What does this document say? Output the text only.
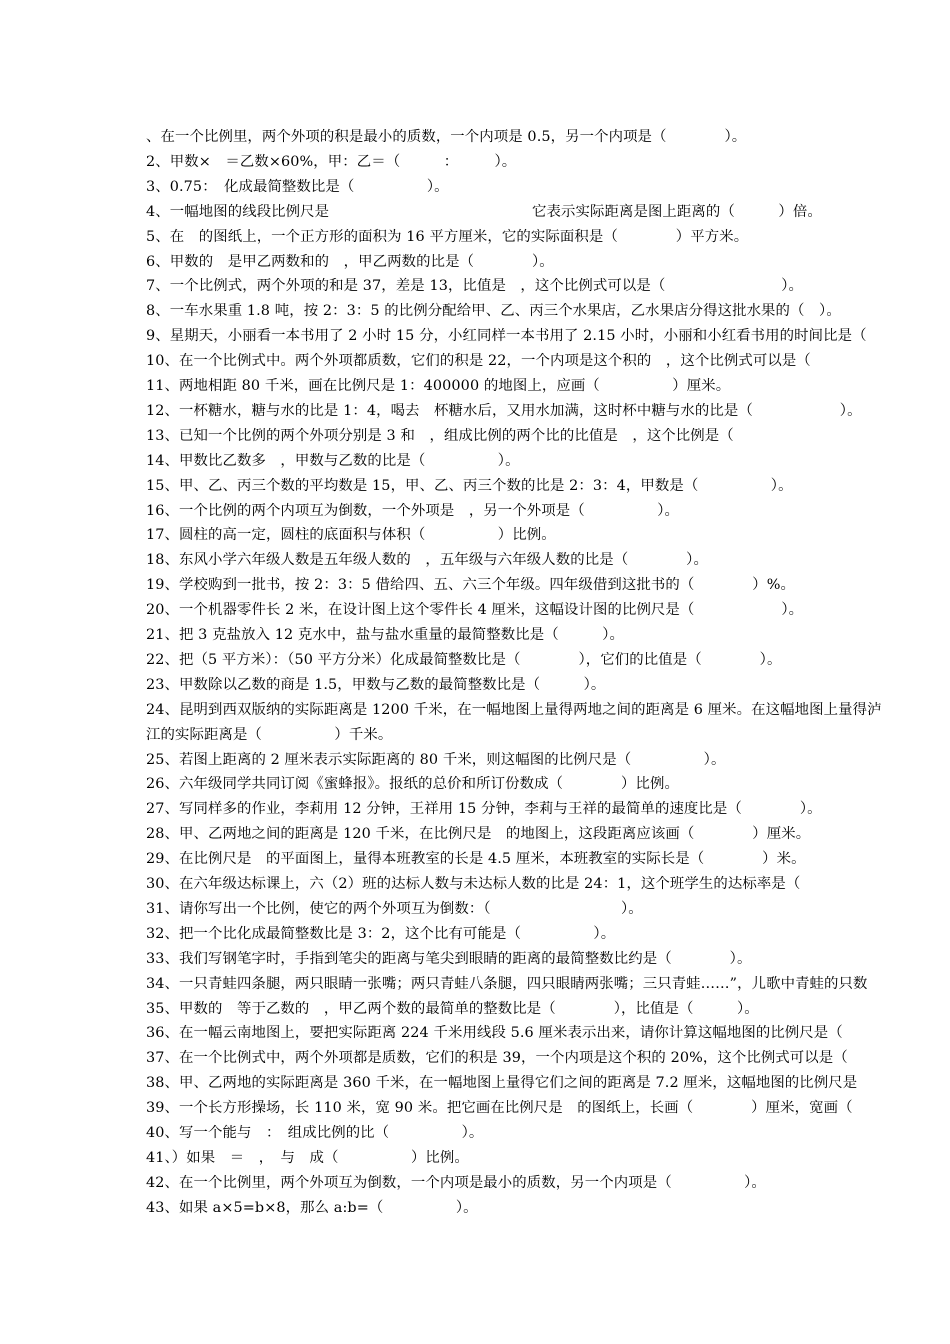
、在一个比例里，两个外项的积是最小的质数，一个内项是 0.5，另一个内项是（　　　　）。
2、甲数×　＝乙数×60%，甲：乙＝（　　　：　　　）。
3、0.75：　化成最简整数比是（　　　　　）。
4、一幅地图的线段比例尺是　　　　　　　　　　　　　　它表示实际距离是图上距离的（　　　）倍。
5、在　的图纸上，一个正方形的面积为 16 平方厘米，它的实际面积是（　　　　）平方米。
6、甲数的　是甲乙两数和的　，甲乙两数的比是（　　　　）。
7、一个比例式，两个外项的和是 37，差是 13，比值是　，这个比例式可以是（　　　　　　　　）。
8、一车水果重 1.8 吨，按 2：3：5 的比例分配给甲、乙、丙三个水果店，乙水果店分得这批水果的（　）。
9、星期天，小丽看一本书用了 2 小时 15 分，小红同样一本书用了 2.15 小时，小丽和小红看书用的时间比是（
10、在一个比例式中。两个外项都质数，它们的积是 22，一个内项是这个积的　，这个比例式可以是（
11、两地相距 80 千米，画在比例尺是 1：400000 的地图上，应画（　　　　　）厘米。
12、一杯糖水，糖与水的比是 1：4，喝去　杯糖水后，又用水加满，这时杯中糖与水的比是（　　　　　　）。
13、已知一个比例的两个外项分别是 3 和　，组成比例的两个比的比值是　，这个比例是（　　　　　　　　
14、甲数比乙数多　，甲数与乙数的比是（　　　　　）。
15、甲、乙、丙三个数的平均数是 15，甲、乙、丙三个数的比是 2：3：4，甲数是（　　　　　）。
16、一个比例的两个内项互为倒数，一个外项是　，另一个外项是（　　　　　）。
17、圆柱的高一定，圆柱的底面积与体积（　　　　　）比例。
18、东风小学六年级人数是五年级人数的　，五年级与六年级人数的比是（　　　　）。
19、学校购到一批书，按 2：3：5 借给四、五、六三个年级。四年级借到这批书的（　　　　）%。
20、一个机器零件长 2 米，在设计图上这个零件长 4 厘米，这幅设计图的比例尺是（　　　　　　）。
21、把 3 克盐放入 12 克水中，盐与盐水重量的最简整数比是（　　　）。
22、把（5 平方米）：（50 平方分米）化成最简整数比是（　　　　），它们的比值是（　　　　）。
23、甲数除以乙数的商是 1.5，甲数与乙数的最简整数比是（　　　）。
24、昆明到西双版纳的实际距离是 1200 千米，在一幅地图上量得两地之间的距离是 6 厘米。在这幅地图上量得泸
江的实际距离是（　　　　　）千米。
25、若图上距离的 2 厘米表示实际距离的 80 千米，则这幅图的比例尺是（　　　　　）。
26、六年级同学共同订阅《蜜蜂报》。报纸的总价和所订份数成（　　　　）比例。
27、写同样多的作业，李莉用 12 分钟，王祥用 15 分钟，李莉与王祥的最简单的速度比是（　　　　）。
28、甲、乙两地之间的距离是 120 千米，在比例尺是　的地图上，这段距离应该画（　　　　）厘米。
29、在比例尺是　的平面图上，量得本班教室的长是 4.5 厘米，本班教室的实际长是（　　　　）米。
30、在六年级达标课上，六（2）班的达标人数与未达标人数的比是 24：1，这个班学生的达标率是（
31、请你写出一个比例，使它的两个外项互为倒数：（　　　　　　　　　）。
32、把一个比化成最简整数比是 3：2，这个比有可能是（　　　　　）。
33、我们写钢笔字时，手指到笔尖的距离与笔尖到眼睛的距离的最简整数比约是（　　　　）。
34、一只青蛙四条腿，两只眼睛一张嘴；两只青蛙八条腿，四只眼睛两张嘴；三只青蛙……”，儿歌中青蛙的只数
35、甲数的　等于乙数的　，甲乙两个数的最简单的整数比是（　　　　），比值是（　　　）。
36、在一幅云南地图上，要把实际距离 224 千米用线段 5.6 厘米表示出来，请你计算这幅地图的比例尺是（
37、在一个比例式中，两个外项都是质数，它们的积是 39，一个内项是这个积的 20%，这个比例式可以是（
38、甲、乙两地的实际距离是 360 千米，在一幅地图上量得它们之间的距离是 7.2 厘米，这幅地图的比例尺是
39、一个长方形操场，长 110 米，宽 90 米。把它画在比例尺是　的图纸上，长画（　　　　）厘米，宽画（
40、写一个能与　：　组成比例的比（　　　　　）。
41、）如果　＝　，　与　成（　　　　　）比例。
42、在一个比例里，两个外项互为倒数，一个内项是最小的质数，另一个内项是（　　　　　）。
43、如果 a×5=b×8，那么 a:b=（　　　　　）。
